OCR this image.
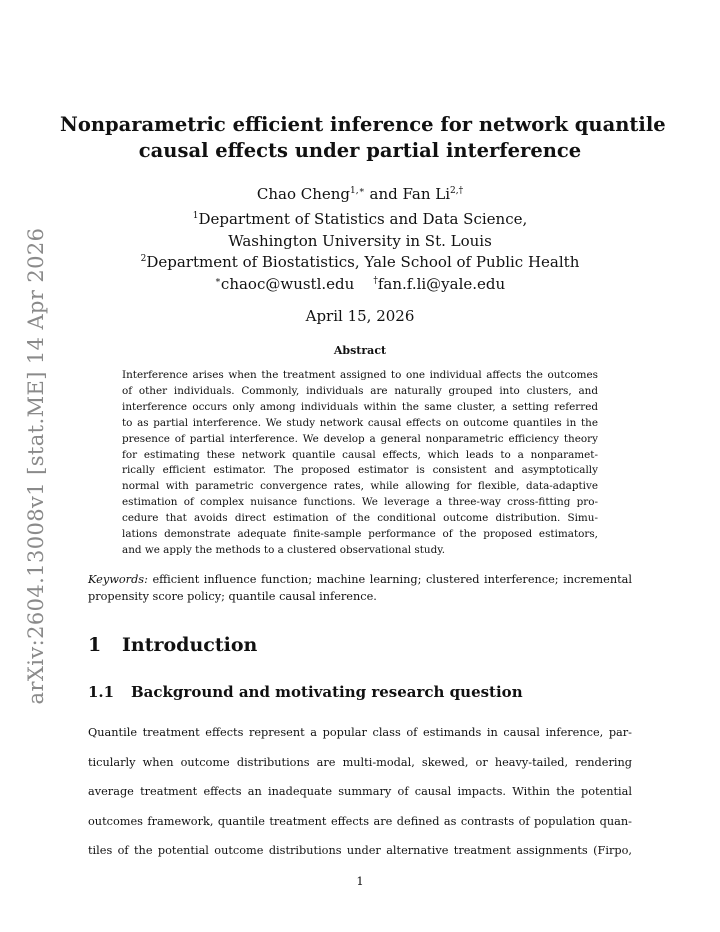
arXiv:2604.13008v1 [stat.ME] 14 Apr 2026
Nonparametric efficient inference for network quantile
causal effects under partial interference
Chao Cheng$^{1,∗}$ and Fan $Li^{2,\dagger}$
$^1$Department of Statistics and Data Science,
Washington University in St. Louis
$^2$Department of Biostatistics, Yale School of Public Health
∗chaoc@wustl.edu †fan.f.li@yale.edu
April 15, 2026
Abstract
Interference arises when the treatment assigned to one individual affects the outcomes
of other individuals. Commonly, individuals are naturally grouped into clusters, and
interference occurs only among individuals within the same cluster, a setting referred
to as partial interference. We study network causal effects on outcome quantiles in the
presence of partial interference. We develop a general nonparametric efficiency theory
for estimating these network quantile causal effects, which leads to a nonparamet-
rically efficient estimator. The proposed estimator is consistent and asymptotically
normal with parametric convergence rates, while allowing for flexible, data-adaptive
estimation of complex nuisance functions. We leverage a three-way cross-fitting pro-
cedure that avoids direct estimation of the conditional outcome distribution. Simu-
lations demonstrate adequate finite-sample performance of the proposed estimators,
and we apply the methods to a clustered observational study.
Keywords: efficient influence function; machine learning; clustered interference; incremental
propensity score policy; quantile causal inference.
1 Introduction
1.1 Background and motivating research question
Quantile treatment effects represent a popular class of estimands in causal inference, par-
ticularly when outcome distributions are multi-modal, skewed, or heavy-tailed, rendering
average treatment effects an inadequate summary of causal impacts. Within the potential
outcomes framework, quantile treatment effects are defined as contrasts of population quan-
tiles of the potential outcome distributions under alternative treatment assignments (Firpo,
1
